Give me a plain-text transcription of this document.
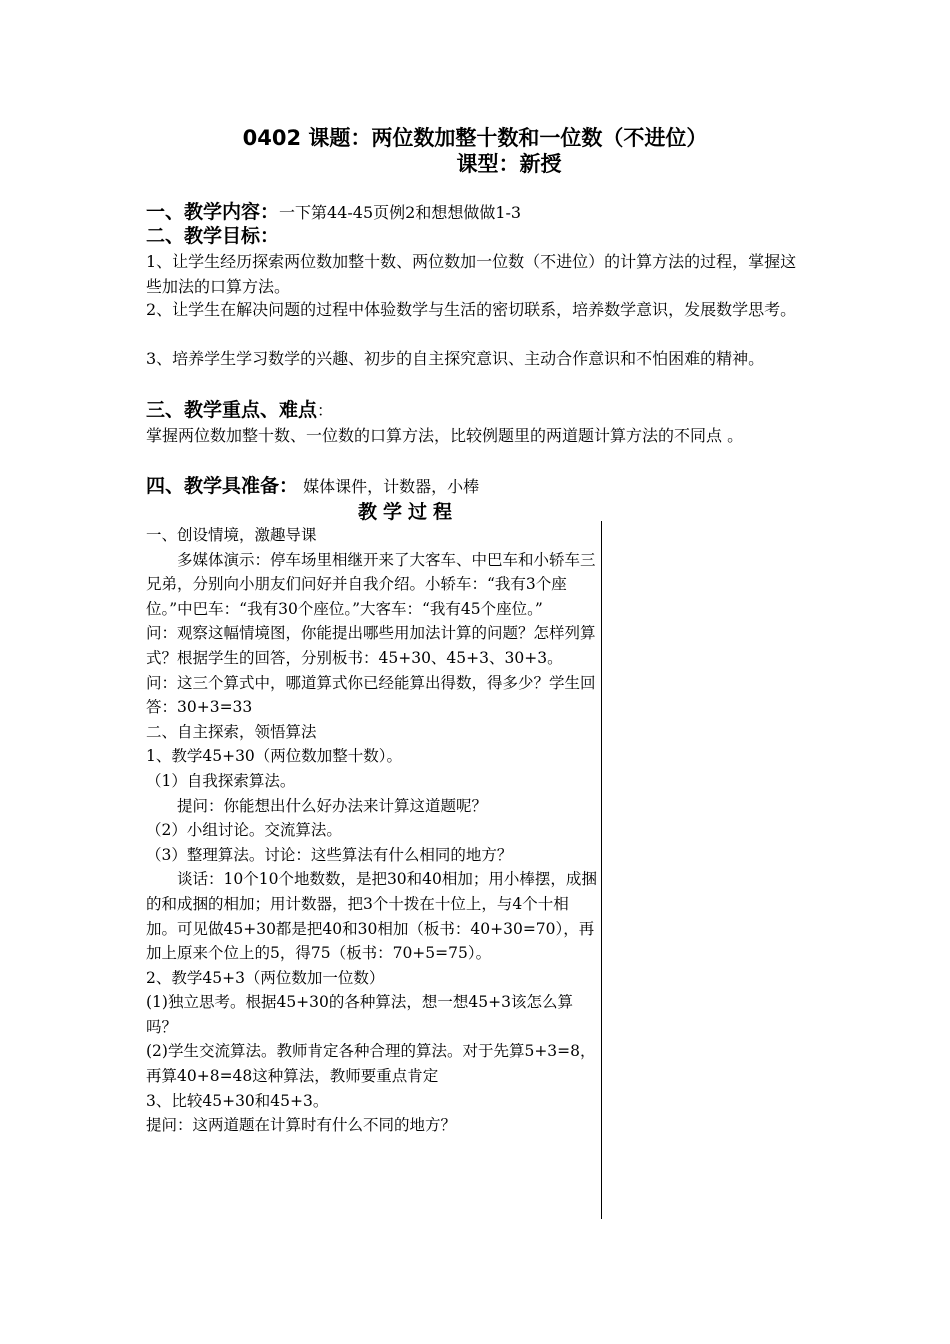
0402 课题：两位数加整十数和一位数（不进位）
课型：新授
一、教学内容：一下第44-45页例2和想想做做1-3
二、教学目标：
1、让学生经历探索两位数加整十数、两位数加一位数（不进位）的计算方法的过程，掌握这些加法的口算方法。
2、让学生在解决问题的过程中体验数学与生活的密切联系，培养数学意识，发展数学思考。
3、培养学生学习数学的兴趣、初步的自主探究意识、主动合作意识和不怕困难的精神。
三、教学重点、难点：
掌握两位数加整十数、一位数的口算方法，比较例题里的两道题计算方法的不同点 。
四、教学具准备： 媒体课件，计数器，小棒
教学过程

一、创设情境，激趣导课

多媒体演示：停车场里相继开来了大客车、中巴车和小轿车三兄弟，分别向小朋友们问好并自我介绍。小轿车：“我有3个座位。”中巴车：“我有30个座位。”大客车：“我有45个座位。”

问：观察这幅情境图，你能提出哪些用加法计算的问题？怎样列算式？根据学生的回答，分别板书：45+30、45+3、30+3。

问：这三个算式中，哪道算式你已经能算出得数，得多少？学生回答：30+3=33

二、自主探索，领悟算法

1、教学45+30（两位数加整十数）。

（1）自我探索算法。

提问：你能想出什么好办法来计算这道题呢？

（2）小组讨论。交流算法。

（3）整理算法。讨论：这些算法有什么相同的地方？

谈话：10个10个地数数，是把30和40相加；用小棒摆，成捆的和成捆的相加；用计数器，把3个十拨在十位上，与4个十相加。可见做45+30都是把40和30相加（板书：40+30=70），再加上原来个位上的5，得75（板书：70+5=75）。

2、教学45+3（两位数加一位数）

(1)独立思考。根据45+30的各种算法，想一想45+3该怎么算吗？

(2)学生交流算法。教师肯定各种合理的算法。对于先算5+3=8，再算40+8=48这种算法，教师要重点肯定

3、比较45+30和45+3。

提问：这两道题在计算时有什么不同的地方？
